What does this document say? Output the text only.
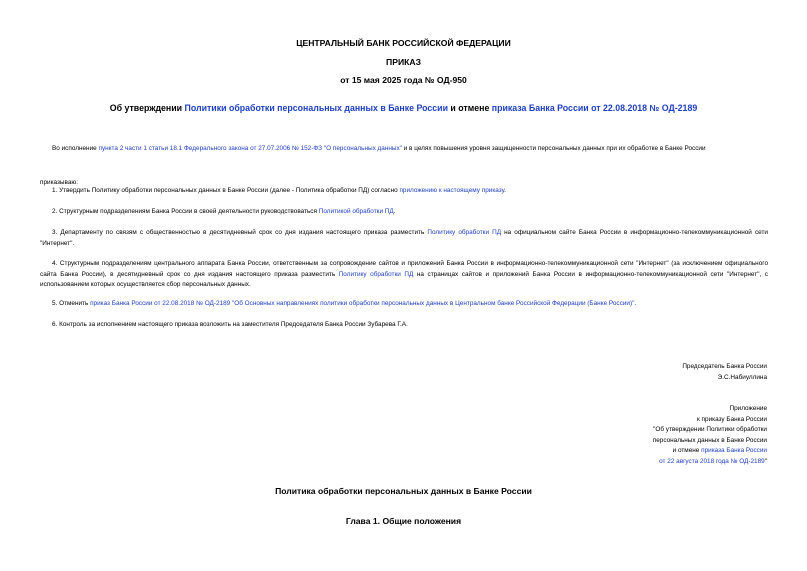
ЦЕНТРАЛЬНЫЙ БАНК РОССИЙСКОЙ ФЕДЕРАЦИИ
ПРИКАЗ
от 15 мая 2025 года № ОД-950
Об утверждении Политики обработки персональных данных в Банке России и отмене приказа Банка России от 22.08.2018 № ОД-2189
Во исполнение пункта 2 части 1 статьи 18.1 Федерального закона от 27.07.2006 № 152-ФЗ "О персональных данных" и в целях повышения уровня защищенности персональных данных при их обработке в Банке России
приказываю:
1. Утвердить Политику обработки персональных данных в Банке России (далее - Политика обработки ПД) согласно приложению к настоящему приказу.
2. Структурным подразделениям Банка России в своей деятельности руководствоваться Политикой обработки ПД.
3. Департаменту по связям с общественностью в десятидневный срок со дня издания настоящего приказа разместить Политику обработки ПД на официальном сайте Банка России в информационно-телекоммуникационной сети "Интернет".
4. Структурным подразделениям центрального аппарата Банка России, ответственным за сопровождение сайтов и приложений Банка России в информационно-телекоммуникационной сети "Интернет" (за исключением официального сайта Банка России), в десятидневный срок со дня издания настоящего приказа разместить Политику обработки ПД на страницах сайтов и приложений Банка России в информационно-телекоммуникационной сети "Интернет", с использованием которых осуществляется сбор персональных данных.
5. Отменить приказ Банка России от 22.08.2018 № ОД-2189 "Об Основных направлениях политики обработки персональных данных в Центральном банке Российской Федерации (Банке России)".
6. Контроль за исполнением настоящего приказа возложить на заместителя Председателя Банка России Зубарева Г.А.
Председатель Банка России
Э.С.Набиуллина
Приложение
к приказу Банка России
"Об утверждении Политики обработки
персональных данных в Банке России
и отмене приказа Банка России
от 22 августа 2018 года № ОД-2189"
Политика обработки персональных данных в Банке России
Глава 1. Общие положения
